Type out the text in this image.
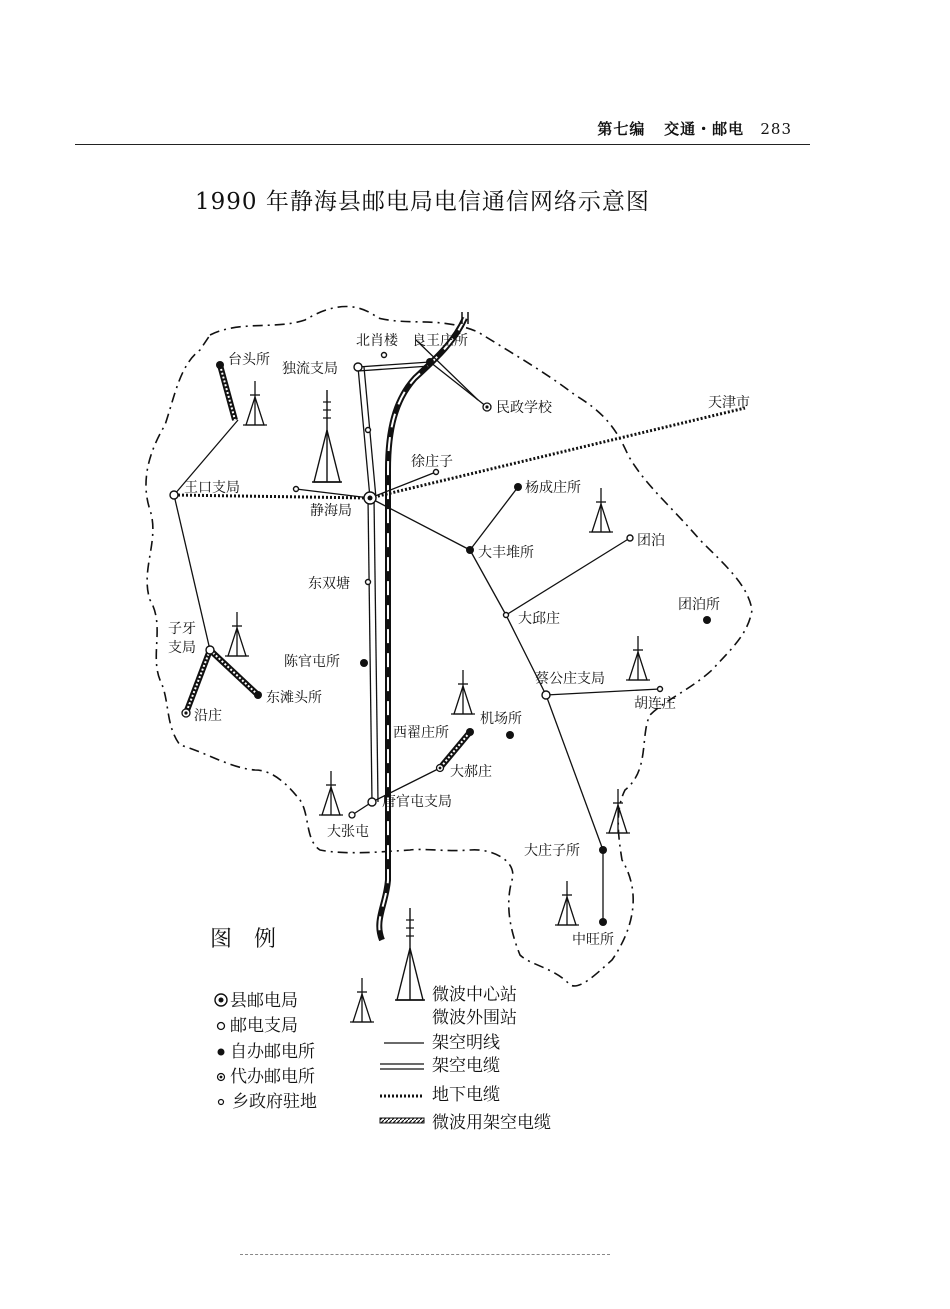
第七编 交通・邮电 283
1990 年静海县邮电局电信通信网络示意图
台头所
独流支局
北肖楼 良王庄所
民政学校	天津市
徐庄子
王口支局
静海局
杨成庄所
大丰堆所
团泊
团泊所
东双塘
大邱庄
子牙
支局
陈官屯所
蔡公庄支局
胡连庄
东滩头所
沿庄
西翟庄所
机场所
大郝庄
唐官屯支局
大张屯
大庄子所
中旺所
图　例
县邮电局
邮电支局
自办邮电所
代办邮电所
乡政府驻地
微波中心站
微波外围站
架空明线
架空电缆
地下电缆
微波用架空电缆
